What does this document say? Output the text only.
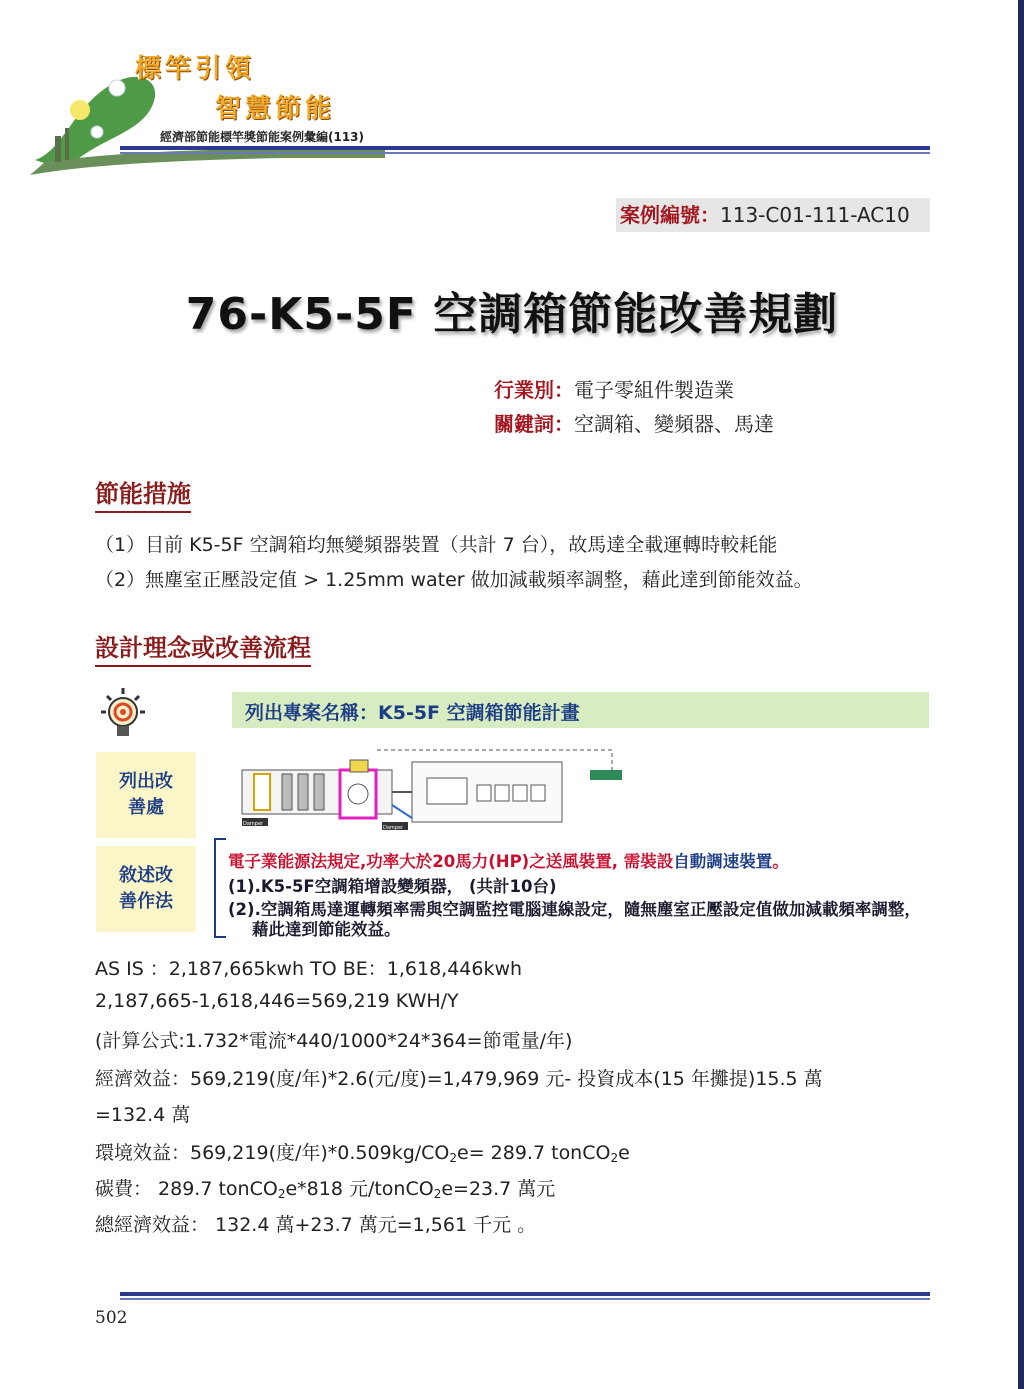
標竿引領
智慧節能
經濟部節能標竿獎節能案例彙編(113)
案例編號：113-C01-111-AC10
76-K5-5F 空調箱節能改善規劃
行業別：電子零組件製造業
關鍵詞：空調箱、變頻器、馬達
節能措施
（1）目前 K5-5F 空調箱均無變頻器裝置（共計 7 台），故馬達全載運轉時較耗能
（2）無塵室正壓設定值 > 1.25mm water 做加減載頻率調整，藉此達到節能效益。
設計理念或改善流程
列出專案名稱：K5-5F 空調箱節能計畫
列出改善處
敘述改善作法
Damper
Damper
電子業能源法規定,功率大於20馬力(HP)之送風裝置, 需裝設自動調速裝置。
(1).K5-5F空調箱增設變頻器， (共計10台)
(2).空調箱馬達運轉頻率需與空調監控電腦連線設定，隨無塵室正壓設定值做加減載頻率調整，
藉此達到節能效益。
AS IS ：2,187,665kwh TO BE：1,618,446kwh
2,187,665-1,618,446=569,219 KWH/Y
(計算公式:1.732*電流*440/1000*24*364=節電量/年)
經濟效益：569,219(度/年)*2.6(元/度)=1,479,969 元- 投資成本(15 年攤提)15.5 萬
=132.4 萬
環境效益：569,219(度/年)$*0.509kg/CO_2e= 289.7$ tonCO$_2$e
碳費： 289.7 tonCO$_2$e*818 元/tonCO$_2$e=23.7 萬元
總經濟效益： 132.4 萬+23.7 萬元=1,561 千元 。
502
